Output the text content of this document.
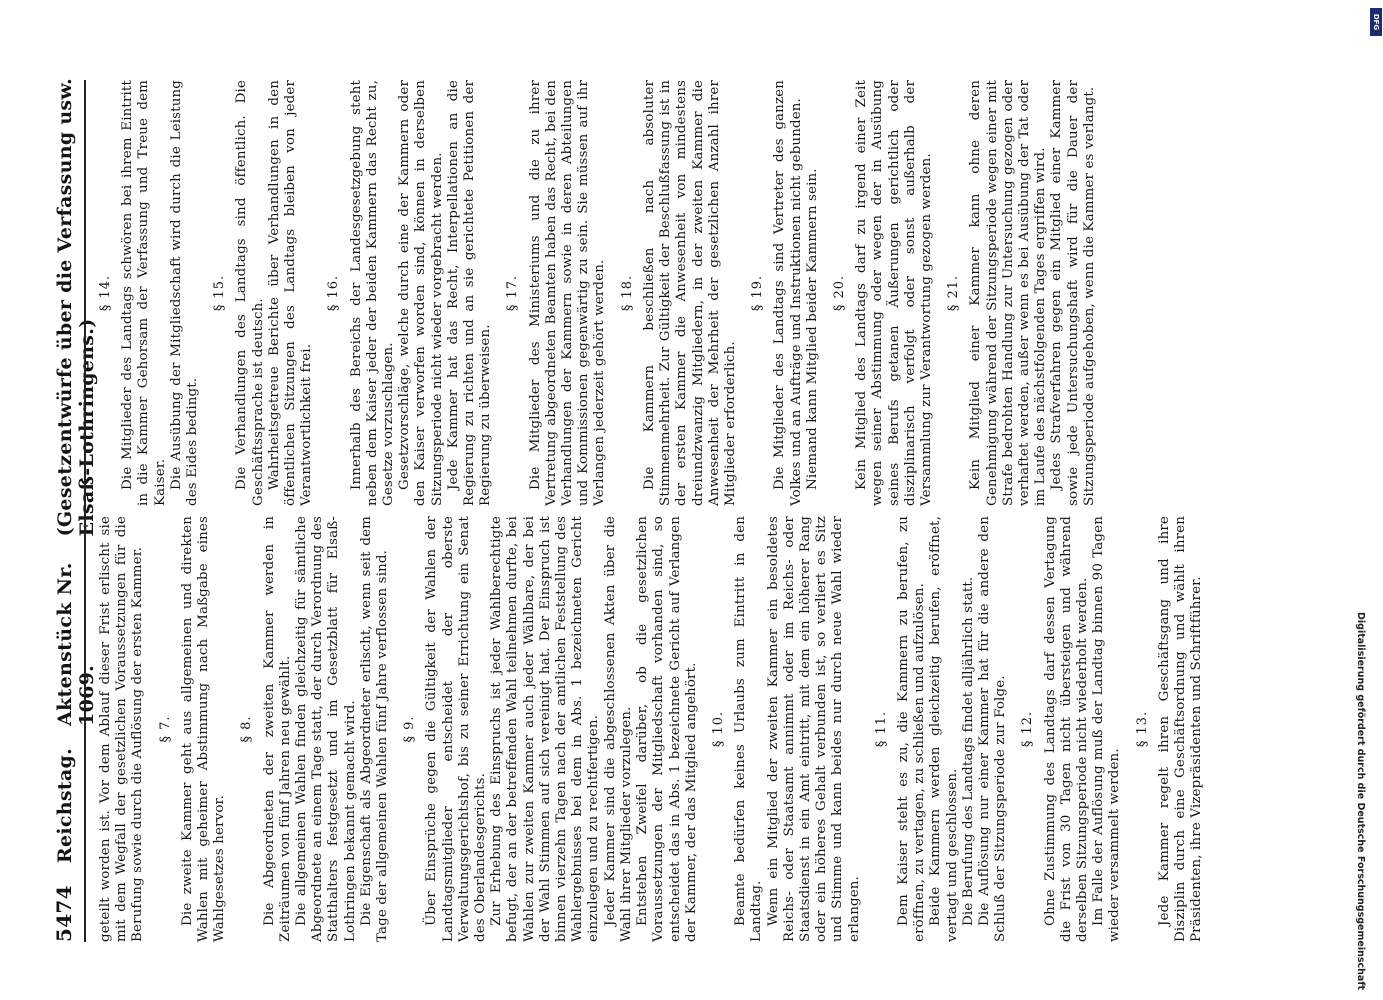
5474
Reichstag.
Aktenstück Nr. 1069.
(Gesetzentwürfe über die Verfassung usw. Elsaß-Lothringens.)

geteilt worden ist. Vor dem Ablauf dieser Frist erlischt sie mit dem Wegfall der gesetzlichen Voraussetzungen für die Berufung sowie durch die Auflösung der ersten Kammer. § 7. Die zweite Kammer geht aus allgemeinen und direkten Wahlen mit geheimer Abstimmung nach Maßgabe eines Wahlgesetzes hervor.

§ 8. Die Abgeordneten der zweiten Kammer werden in Zeiträumen von fünf Jahren neu gewählt. Die allgemeinen Wahlen finden gleichzeitig für sämtliche Abgeordnete an einem Tage statt, der durch Verordnung des Statthalters festgesetzt und im Gesetzblatt für Elsaß-Lothringen bekannt gemacht wird. Die Eigenschaft als Abgeordneter erlischt, wenn seit dem Tage der allgemeinen Wahlen fünf Jahre verflossen sind. § 9. Über Einsprüche gegen die Gültigkeit der Wahlen der Landtagsmitglieder entscheidet der oberste Verwaltungsgerichtshof, bis zu seiner Errichtung ein Senat des Oberlandesgerichts. Zur Erhebung des Einspruchs ist jeder Wahlberechtigte befugt, der an der betreffenden Wahl teilnehmen durfte, bei Wahlen zur zweiten Kammer auch jeder Wählbare, der bei der Wahl Stimmen auf sich vereinigt hat. Der Einspruch ist binnen vierzehn Tagen nach der amtlichen Feststellung des Wahlergebnisses bei dem in Abs. 1 bezeichneten Gericht einzulegen und zu rechtfertigen. Jeder Kammer sind die abgeschlossenen Akten über die Wahl ihrer Mitglieder vorzulegen. Entstehen Zweifel darüber, ob die gesetzlichen Voraussetzungen der Mitgliedschaft vorhanden sind, so entscheidet das in Abs. 1 bezeichnete Gericht auf Verlangen der Kammer, der das Mitglied angehört. § 10. Beamte bedürfen keines Urlaubs zum Eintritt in den Landtag. Wenn ein Mitglied der zweiten Kammer ein besoldetes Reichs- oder Staatsamt annimmt oder im Reichs- oder Staatsdienst in ein Amt eintritt, mit dem ein höherer Rang oder ein höheres Gehalt verbunden ist, so verliert es Sitz und Stimme und kann beides nur durch neue Wahl wieder erlangen.

§ 11. Dem Kaiser steht es zu, die Kammern zu berufen, zu eröffnen, zu vertagen, zu schließen und aufzulösen. Beide Kammern werden gleichzeitig berufen, eröffnet, vertagt und geschlossen. Die Berufung des Landtags findet alljährlich statt. Die Auflösung nur einer Kammer hat für die andere den Schluß der Sitzungsperiode zur Folge. § 12. Ohne Zustimmung des Landtags darf dessen Vertagung die Frist von 30 Tagen nicht übersteigen und während derselben Sitzungsperiode nicht wiederholt werden. Im Falle der Auflösung muß der Landtag binnen 90 Tagen wieder versammelt werden.

§ 13. Jede Kammer regelt ihren Geschäftsgang und ihre Disziplin durch eine Geschäftsordnung und wählt ihren Präsidenten, ihre Vizepräsidenten und Schriftführer.

§ 14. Die Mitglieder des Landtags schwören bei ihrem Eintritt in die Kammer Gehorsam der Verfassung und Treue dem Kaiser. Die Ausübung der Mitgliedschaft wird durch die Leistung des Eides bedingt.

§ 15. Die Verhandlungen des Landtags sind öffentlich. Die Geschäftssprache ist deutsch. Wahrheitsgetreue Berichte über Verhandlungen in den öffentlichen Sitzungen des Landtags bleiben von jeder Verantwortlichkeit frei.

§ 16. Innerhalb des Bereichs der Landesgesetzgebung steht neben dem Kaiser jeder der beiden Kammern das Recht zu, Gesetze vorzuschlagen. Gesetzvorschläge, welche durch eine der Kammern oder den Kaiser verworfen worden sind, können in derselben Sitzungsperiode nicht wieder vorgebracht werden. Jede Kammer hat das Recht, Interpellationen an die Regierung zu richten und an sie gerichtete Petitionen der Regierung zu überweisen.

§ 17. Die Mitglieder des Ministeriums und die zu ihrer Vertretung abgeordneten Beamten haben das Recht, bei den Verhandlungen der Kammern sowie in deren Abteilungen und Kommissionen gegenwärtig zu sein. Sie müssen auf ihr Verlangen jederzeit gehört werden. § 18. Die Kammern beschließen nach absoluter Stimmenmehrheit. Zur Gültigkeit der Beschlußfassung ist in der ersten Kammer die Anwesenheit von mindestens dreiundzwanzig Mitgliedern, in der zweiten Kammer die Anwesenheit der Mehrheit der gesetzlichen Anzahl ihrer Mitglieder erforderlich.

§ 19. Die Mitglieder des Landtags sind Vertreter des ganzen Volkes und an Aufträge und Instruktionen nicht gebunden. Niemand kann Mitglied beider Kammern sein. § 20. Kein Mitglied des Landtags darf zu irgend einer Zeit wegen seiner Abstimmung oder wegen der in Ausübung seines Berufs getanen Äußerungen gerichtlich oder disziplinarisch verfolgt oder sonst außerhalb der Versammlung zur Verantwortung gezogen werden. § 21. Kein Mitglied einer Kammer kann ohne deren Genehmigung während der Sitzungsperiode wegen einer mit Strafe bedrohten Handlung zur Untersuchung gezogen oder verhaftet werden, außer wenn es bei Ausübung der Tat oder im Laufe des nächstfolgenden Tages ergriffen wird. Jedes Strafverfahren gegen ein Mitglied einer Kammer sowie jede Untersuchungshaft wird für die Dauer der Sitzungsperiode aufgehoben, wenn die Kammer es verlangt.

Digitalisierung gefördert durch die Deutsche Forschungsgemeinschaft
DFG
